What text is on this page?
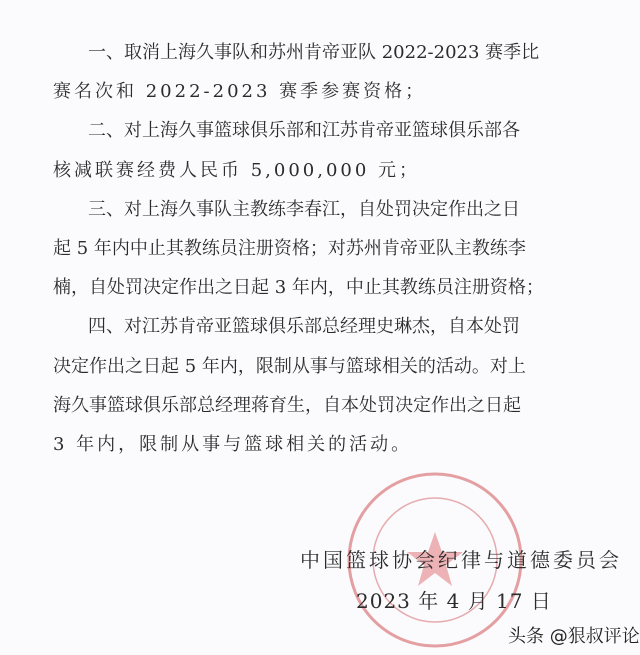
一、取消上海久事队和苏州肯帝亚队 2022-2023 赛季比
赛名次和 2022-2023 赛季参赛资格；
二、对上海久事篮球俱乐部和江苏肯帝亚篮球俱乐部各
核减联赛经费人民币 5,000,000 元；
三、对上海久事队主教练李春江，自处罚决定作出之日
起 5 年内中止其教练员注册资格；对苏州肯帝亚队主教练李
楠，自处罚决定作出之日起 3 年内，中止其教练员注册资格；
四、对江苏肯帝亚篮球俱乐部总经理史琳杰，自本处罚
决定作出之日起 5 年内，限制从事与篮球相关的活动。对上
海久事篮球俱乐部总经理蒋育生，自本处罚决定作出之日起
3 年内，限制从事与篮球相关的活动。
中国篮球协会纪律与道德委员会
2023 年 4 月 17 日
头条 @狠叔评论
